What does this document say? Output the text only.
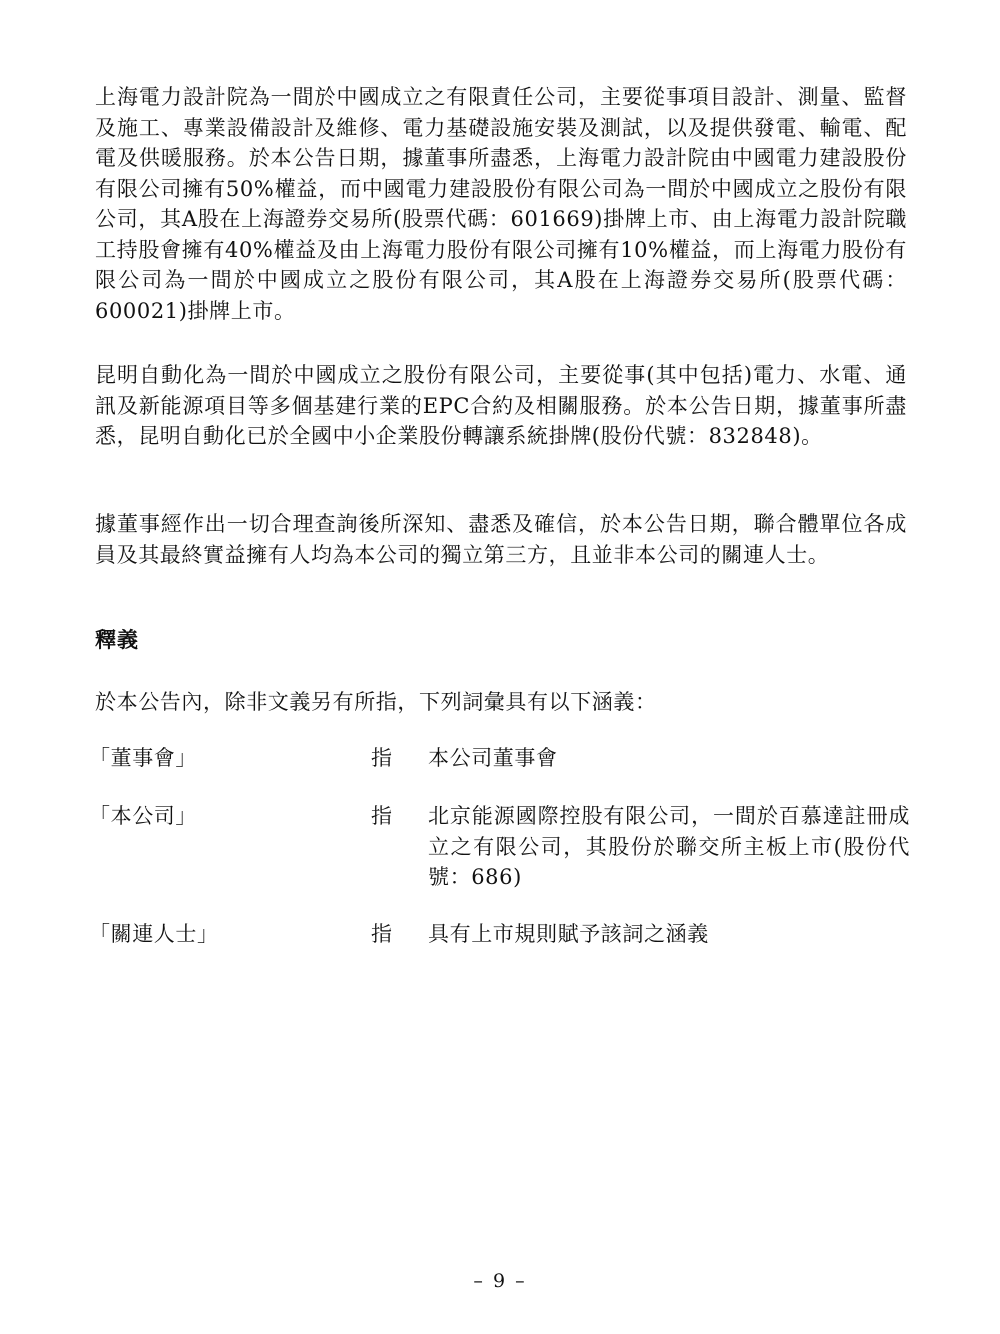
上海電力設計院為一間於中國成立之有限責任公司，主要從事項目設計、測量、監督及施工、專業設備設計及維修、電力基礎設施安裝及測試，以及提供發電、輸電、配電及供暖服務。於本公告日期，據董事所盡悉，上海電力設計院由中國電力建設股份有限公司擁有50%權益，而中國電力建設股份有限公司為一間於中國成立之股份有限公司，其A股在上海證券交易所(股票代碼：601669)掛牌上市、由上海電力設計院職工持股會擁有40%權益及由上海電力股份有限公司擁有10%權益，而上海電力股份有限公司為一間於中國成立之股份有限公司，其A股在上海證券交易所(股票代碼：600021)掛牌上市。

昆明自動化為一間於中國成立之股份有限公司，主要從事(其中包括)電力、水電、通訊及新能源項目等多個基建行業的EPC合約及相關服務。於本公告日期，據董事所盡悉，昆明自動化已於全國中小企業股份轉讓系統掛牌(股份代號：832848)。

據董事經作出一切合理查詢後所深知、盡悉及確信，於本公告日期，聯合體單位各成員及其最終實益擁有人均為本公司的獨立第三方，且並非本公司的關連人士。

釋義

於本公告內，除非文義另有所指，下列詞彙具有以下涵義：

「董事會」	指 本公司董事會
「本公司」	指 北京能源國際控股有限公司，一間於百慕達註冊成立之有限公司，其股份於聯交所主板上市(股份代號：686)
「關連人士」	指 具有上市規則賦予該詞之涵義
– 9 –
